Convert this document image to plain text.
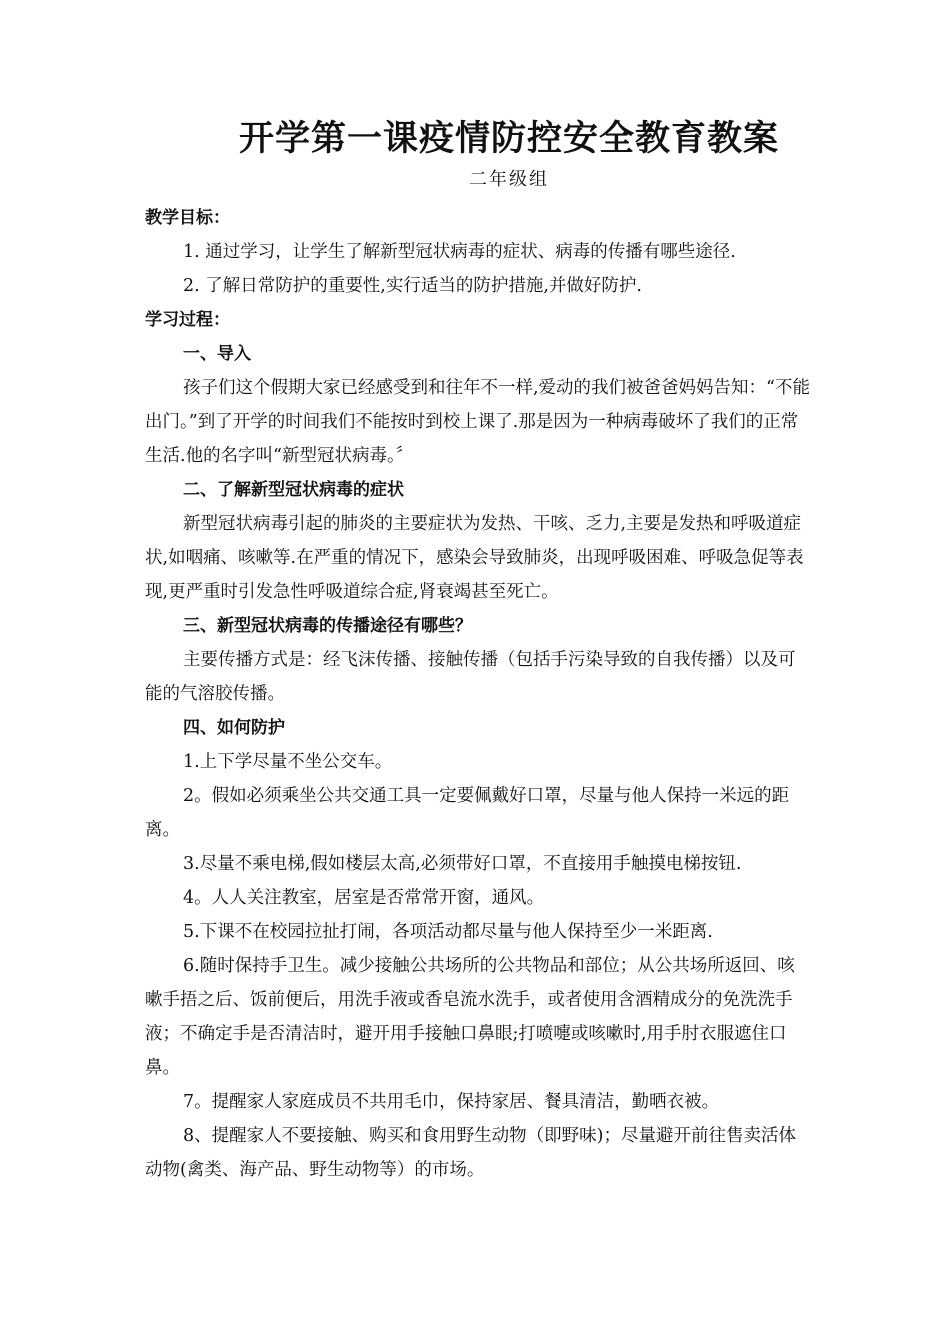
开学第一课疫情防控安全教育教案
二年级组

教学目标：

1. 通过学习，让学生了解新型冠状病毒的症状、病毒的传播有哪些途径.

2. 了解日常防护的重要性,实行适当的防护措施,并做好防护.

学习过程：

一、导入

孩子们这个假期大家已经感受到和往年不一样,爱动的我们被爸爸妈妈告知：“不能出门。”到了开学的时间我们不能按时到校上课了.那是因为一种病毒破坏了我们的正常生活.他的名字叫“新型冠状病毒。〞

二、了解新型冠状病毒的症状

新型冠状病毒引起的肺炎的主要症状为发热、干咳、乏力,主要是发热和呼吸道症状,如咽痛、咳嗽等.在严重的情况下，感染会导致肺炎，出现呼吸困难、呼吸急促等表现,更严重时引发急性呼吸道综合症,肾衰竭甚至死亡。

三、新型冠状病毒的传播途径有哪些？

主要传播方式是：经飞沫传播、接触传播（包括手污染导致的自我传播）以及可能的气溶胶传播。

四、如何防护

1.上下学尽量不坐公交车。

2。假如必须乘坐公共交通工具一定要佩戴好口罩，尽量与他人保持一米远的距离。

3.尽量不乘电梯,假如楼层太高,必须带好口罩，不直接用手触摸电梯按钮.

4。人人关注教室，居室是否常常开窗，通风。

5.下课不在校园拉扯打闹，各项活动都尽量与他人保持至少一米距离.

6.随时保持手卫生。减少接触公共场所的公共物品和部位；从公共场所返回、咳嗽手捂之后、饭前便后，用洗手液或香皂流水洗手，或者使用含酒精成分的免洗洗手液；不确定手是否清洁时，避开用手接触口鼻眼;打喷嚏或咳嗽时,用手肘衣服遮住口鼻。

7。提醒家人家庭成员不共用毛巾，保持家居、餐具清洁，勤晒衣被。

8、提醒家人不要接触、购买和食用野生动物（即野味)；尽量避开前往售卖活体动物(禽类、海产品、野生动物等）的市场。
